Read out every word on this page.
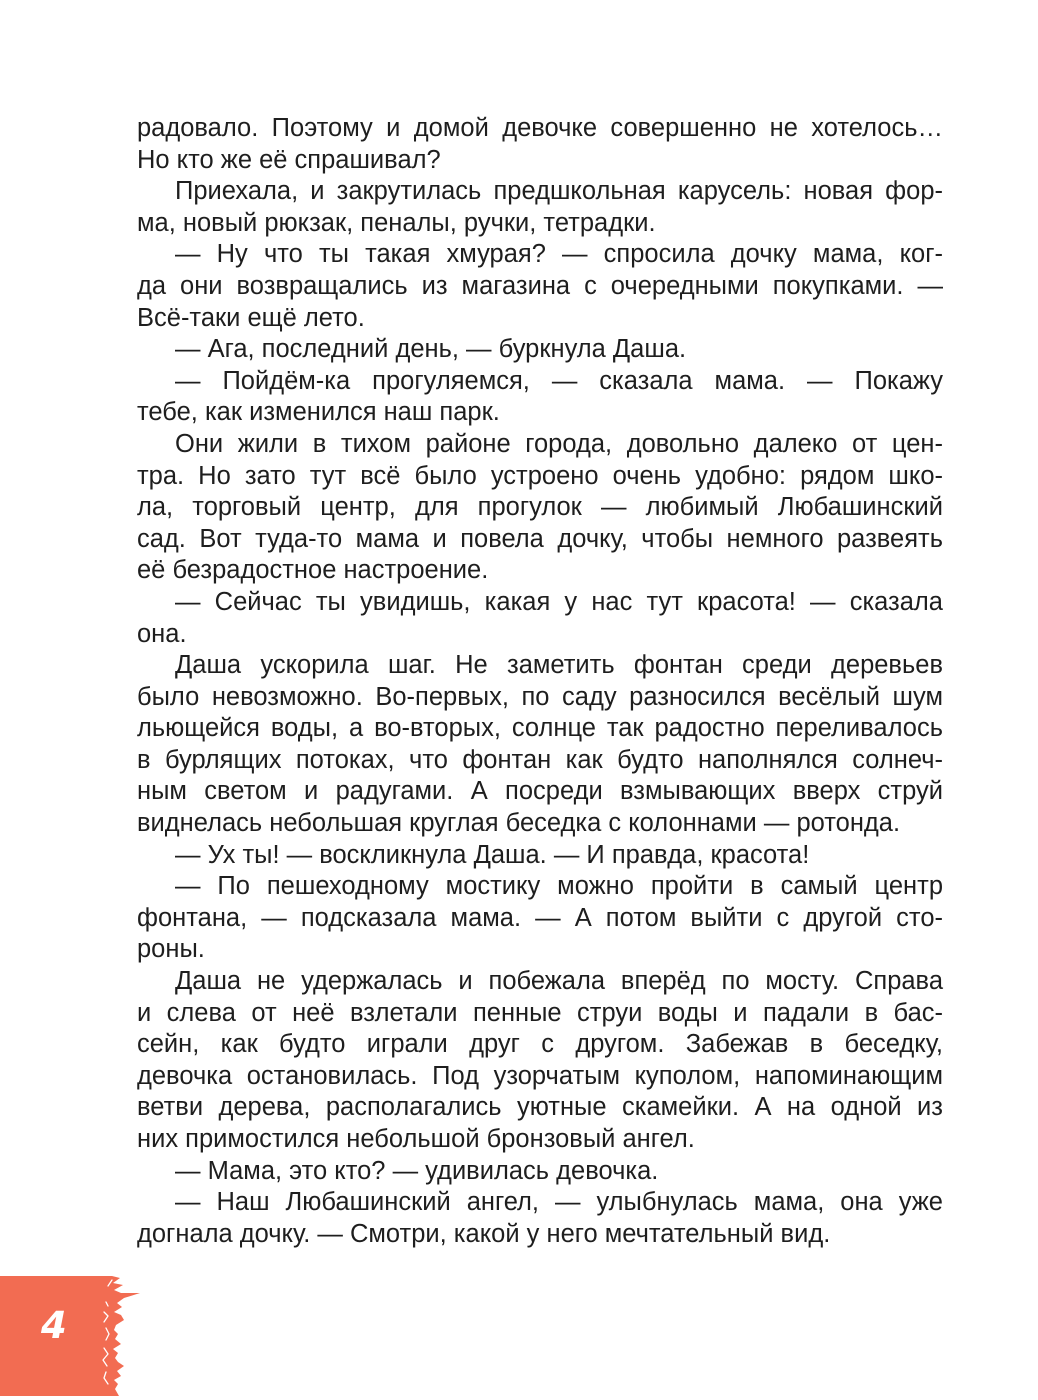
радовало. Поэтому и домой девочке совершенно не хотелось…
Но кто же её спрашивал?
Приехала, и закрутилась предшкольная карусель: новая фор-
ма, новый рюкзак, пеналы, ручки, тетрадки.
— Ну что ты такая хмурая? — спросила дочку мама, ког-
да они возвращались из магазина с очередными покупками. —
Всё-таки ещё лето.
— Ага, последний день, — буркнула Даша.
— Пойдём-ка прогуляемся, — сказала мама. — Покажу
тебе, как изменился наш парк.
Они жили в тихом районе города, довольно далеко от цен-
тра. Но зато тут всё было устроено очень удобно: рядом шко-
ла, торговый центр, для прогулок — любимый Любашинский
сад. Вот туда-то мама и повела дочку, чтобы немного развеять
её безрадостное настроение.
— Сейчас ты увидишь, какая у нас тут красота! — сказала
она.
Даша ускорила шаг. Не заметить фонтан среди деревьев
было невозможно. Во-первых, по саду разносился весёлый шум
льющейся воды, а во-вторых, солнце так радостно переливалось
в бурлящих потоках, что фонтан как будто наполнялся солнеч-
ным светом и радугами. А посреди взмывающих вверх струй
виднелась небольшая круглая беседка с колоннами — ротонда.
— Ух ты! — воскликнула Даша. — И правда, красота!
— По пешеходному мостику можно пройти в самый центр
фонтана, — подсказала мама. — А потом выйти с другой сто-
роны.
Даша не удержалась и побежала вперёд по мосту. Справа
и слева от неё взлетали пенные струи воды и падали в бас-
сейн, как будто играли друг с другом. Забежав в беседку,
девочка остановилась. Под узорчатым куполом, напоминающим
ветви дерева, располагались уютные скамейки. А на одной из
них примостился небольшой бронзовый ангел.
— Мама, это кто? — удивилась девочка.
— Наш Любашинский ангел, — улыбнулась мама, она уже
догнала дочку. — Смотри, какой у него мечтательный вид.
4
